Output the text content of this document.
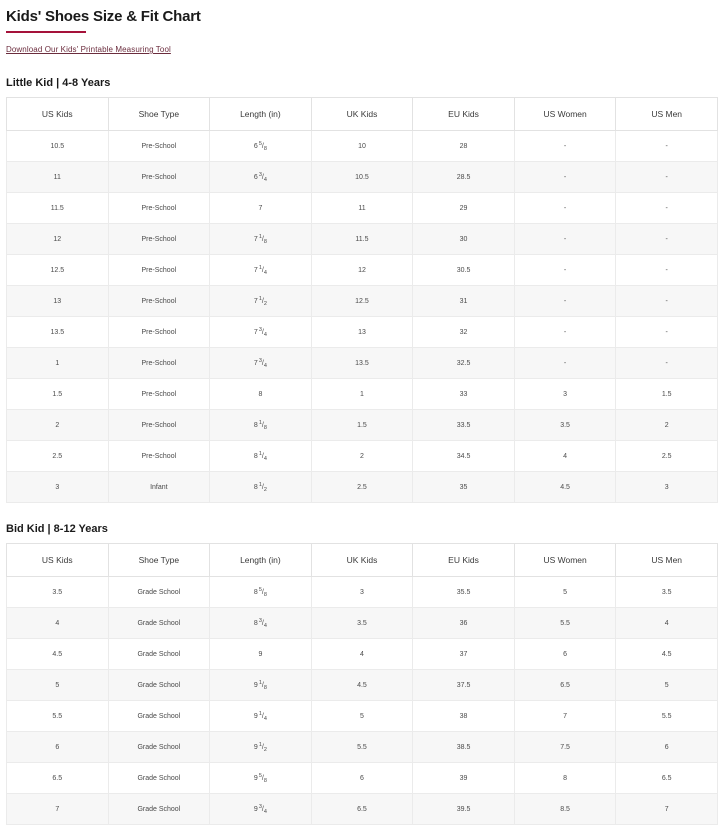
Kids' Shoes Size & Fit Chart
Download Our Kids' Printable Measuring Tool
Little Kid | 4-8 Years
US Kids	Shoe Type	Length (in)	UK Kids	EU Kids	US Women	US Men
10.5	Pre-School	$6^5/_8$	10	28	-	-
11	Pre-School	$6^3/_4$	10.5	28.5	-	-
11.5	Pre-School	7	11	29	-	-
12	Pre-School	$7^1/_8$	11.5	30	-	-
12.5	Pre-School	$7^1/_4$	12	30.5	-	-
13	Pre-School	$7^1/_2$	12.5	31	-	-
13.5	Pre-School	$7^3/_4$	13	32	-	-
1	Pre-School	$7^3/_4$	13.5	32.5	-	-
1.5	Pre-School	8	1	33	3	1.5
2	Pre-School	$8^1/_8$	1.5	33.5	3.5	2
2.5	Pre-School	$8^1/_4$	2	34.5	4	2.5
3	Infant	$8^1/_2$	2.5	35	4.5	3
Bid Kid | 8-12 Years
US Kids	Shoe Type	Length (in)	UK Kids	EU Kids	US Women	US Men
3.5	Grade School	$8^5/_8$	3	35.5	5	3.5
4	Grade School	$8^3/_4$	3.5	36	5.5	4
4.5	Grade School	9	4	37	6	4.5
5	Grade School	$9^1/_8$	4.5	37.5	6.5	5
5.5	Grade School	$9^1/_4$	5	38	7	5.5
6	Grade School	$9^1/_2$	5.5	38.5	7.5	6
6.5	Grade School	$9^5/_8$	6	39	8	6.5
7	Grade School	$9^3/_4$	6.5	39.5	8.5	7
